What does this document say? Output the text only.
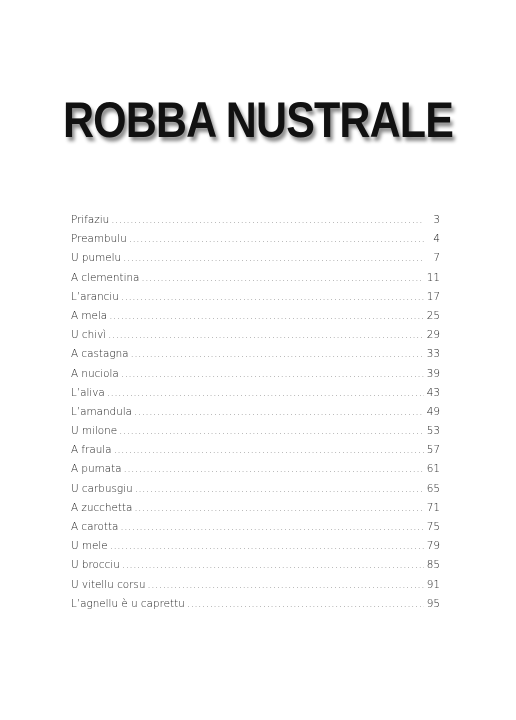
ROBBA NUSTRALE
Prifaziu .....	3
Preambulu .....	4
U pumelu .....	7
A clementina .....	11
L’aranciu .....	17
A mela .....	25
U chivì .....	29
A castagna .....	33
A nuciola .....	39
L’aliva .....	43
L’amandula .....	49
U milone .....	53
A fraula .....	57
A pumata .....	61
U carbusgiu .....	65
A zucchetta .....	71
A carotta .....	75
U mele .....	79
U brocciu .....	85
U vitellu corsu .....	91
L’agnellu è u caprettu .....	95
